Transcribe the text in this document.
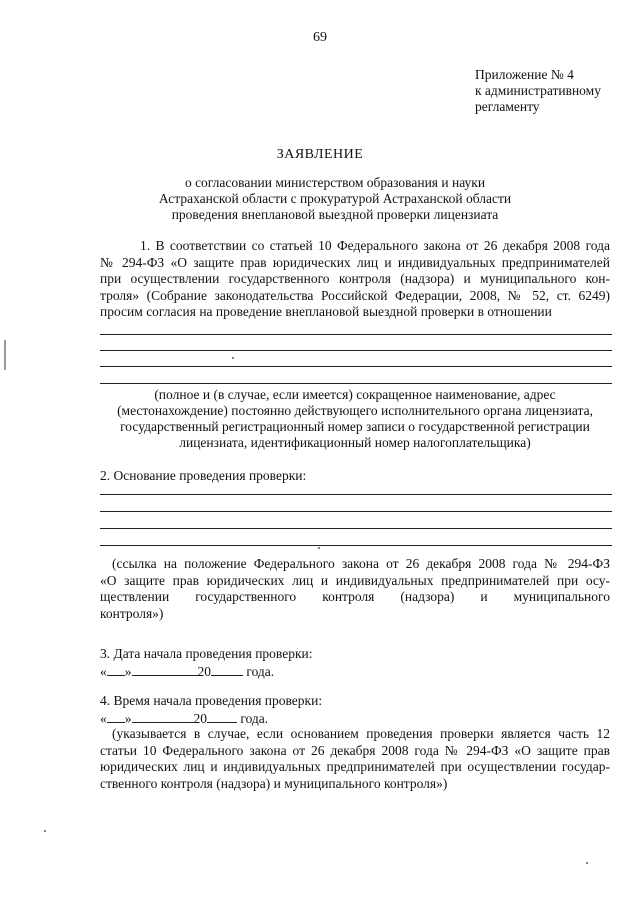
69
Приложение № 4
к административному
регламенту
ЗАЯВЛЕНИЕ
о согласовании министерством образования и науки
Астраханской области с прокуратурой Астраханской области
проведения внеплановой выездной проверки лицензиата
1. В соответствии со статьей 10 Федерального закона от 26 декабря 2008 года
№ 294-ФЗ «О защите прав юридических лиц и индивидуальных предпринимателей
при осуществлении государственного контроля (надзора) и муниципального кон-
троля» (Собрание законодательства Российской Федерации, 2008, № 52, ст. 6249)
просим согласия на проведение внеплановой выездной проверки в отношении
(полное и (в случае, если имеется) сокращенное наименование, адрес
(местонахождение) постоянно действующего исполнительного органа лицензиата,
государственный регистрационный номер записи о государственной регистрации
лицензиата, идентификационный номер налогоплательщика)
2. Основание проведения проверки:
(ссылка на положение Федерального закона от 26 декабря 2008 года № 294-ФЗ
«О защите прав юридических лиц и индивидуальных предпринимателей при осу-
ществлении государственного контроля (надзора) и муниципального
контроля»)
3. Дата начала проведения проверки:
« »	20	года.
4. Время начала проведения проверки:
« »	20 года.
(указывается в случае, если основанием проведения проверки является часть 12
статьи 10 Федерального закона от 26 декабря 2008 года № 294-ФЗ «О защите прав
юридических лиц и индивидуальных предпринимателей при осуществлении государ-
ственного контроля (надзора) и муниципального контроля»)
